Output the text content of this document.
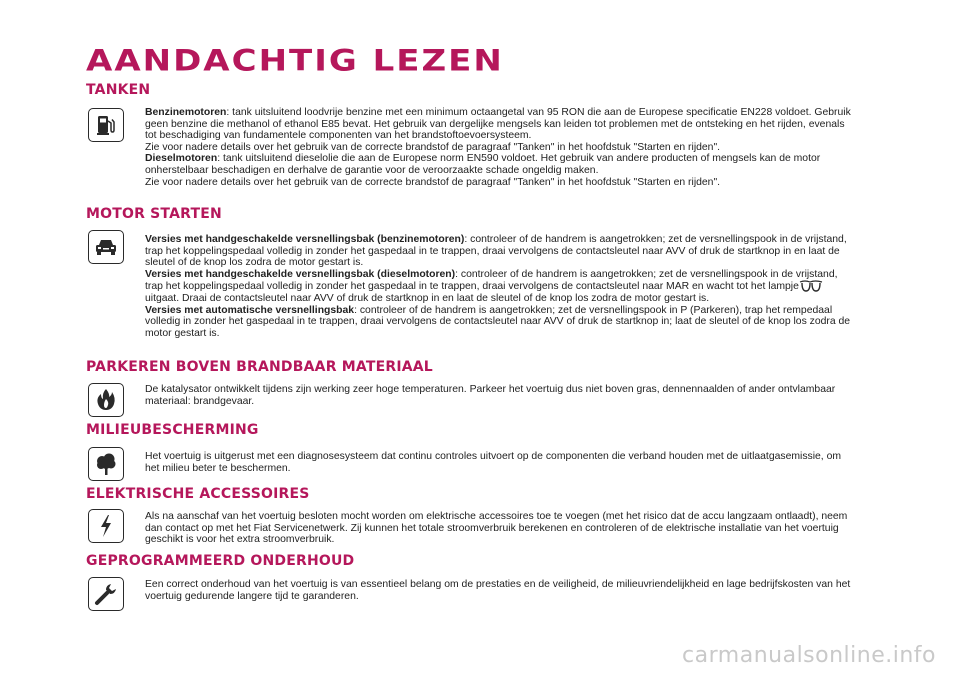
AANDACHTIG LEZEN
TANKEN

Benzinemotoren: tank uitsluitend loodvrije benzine met een minimum octaangetal van 95 RON die aan de Europese specificatie EN228 voldoet. Gebruik geen benzine die methanol of ethanol E85 bevat. Het gebruik van dergelijke mengsels kan leiden tot problemen met de ontsteking en het rijden, evenals tot beschadiging van fundamentele componenten van het brandstoftoevoersysteem.

Zie voor nadere details over het gebruik van de correcte brandstof de paragraaf "Tanken" in het hoofdstuk "Starten en rijden".

Dieselmotoren: tank uitsluitend dieselolie die aan de Europese norm EN590 voldoet. Het gebruik van andere producten of mengsels kan de motor onherstelbaar beschadigen en derhalve de garantie voor de veroorzaakte schade ongeldig maken.

Zie voor nadere details over het gebruik van de correcte brandstof de paragraaf "Tanken" in het hoofdstuk "Starten en rijden".

MOTOR STARTEN

Versies met handgeschakelde versnellingsbak (benzinemotoren): controleer of de handrem is aangetrokken; zet de versnellingspook in de vrijstand, trap het koppelingspedaal volledig in zonder het gaspedaal in te trappen, draai vervolgens de contactsleutel naar AVV of druk de startknop in en laat de sleutel of de knop los zodra de motor gestart is.

Versies met handgeschakelde versnellingsbak (dieselmotoren): controleer of de handrem is aangetrokken; zet de versnellingspook in de vrijstand, trap het koppelingspedaal volledig in zonder het gaspedaal in te trappen, draai vervolgens de contactsleutel naar MAR en wacht tot het lampje uitgaat. Draai de contactsleutel naar AVV of druk de startknop in en laat de sleutel of de knop los zodra de motor gestart is.

Versies met automatische versnellingsbak: controleer of de handrem is aangetrokken; zet de versnellingspook in P (Parkeren), trap het rempedaal volledig in zonder het gaspedaal in te trappen, draai vervolgens de contactsleutel naar AVV of druk de startknop in; laat de sleutel of de knop los zodra de motor gestart is.

PARKEREN BOVEN BRANDBAAR MATERIAAL

De katalysator ontwikkelt tijdens zijn werking zeer hoge temperaturen. Parkeer het voertuig dus niet boven gras, dennennaalden of ander ontvlambaar materiaal: brandgevaar.

MILIEUBESCHERMING

Het voertuig is uitgerust met een diagnosesysteem dat continu controles uitvoert op de componenten die verband houden met de uitlaatgasemissie, om het milieu beter te beschermen.

ELEKTRISCHE ACCESSOIRES

Als na aanschaf van het voertuig besloten mocht worden om elektrische accessoires toe te voegen (met het risico dat de accu langzaam ontlaadt), neem dan contact op met het Fiat Servicenetwerk. Zij kunnen het totale stroomverbruik berekenen en controleren of de elektrische installatie van het voertuig geschikt is voor het extra stroomverbruik.

GEPROGRAMMEERD ONDERHOUD

Een correct onderhoud van het voertuig is van essentieel belang om de prestaties en de veiligheid, de milieuvriendelijkheid en lage bedrijfskosten van het voertuig gedurende langere tijd te garanderen.

carmanualsonline.info
